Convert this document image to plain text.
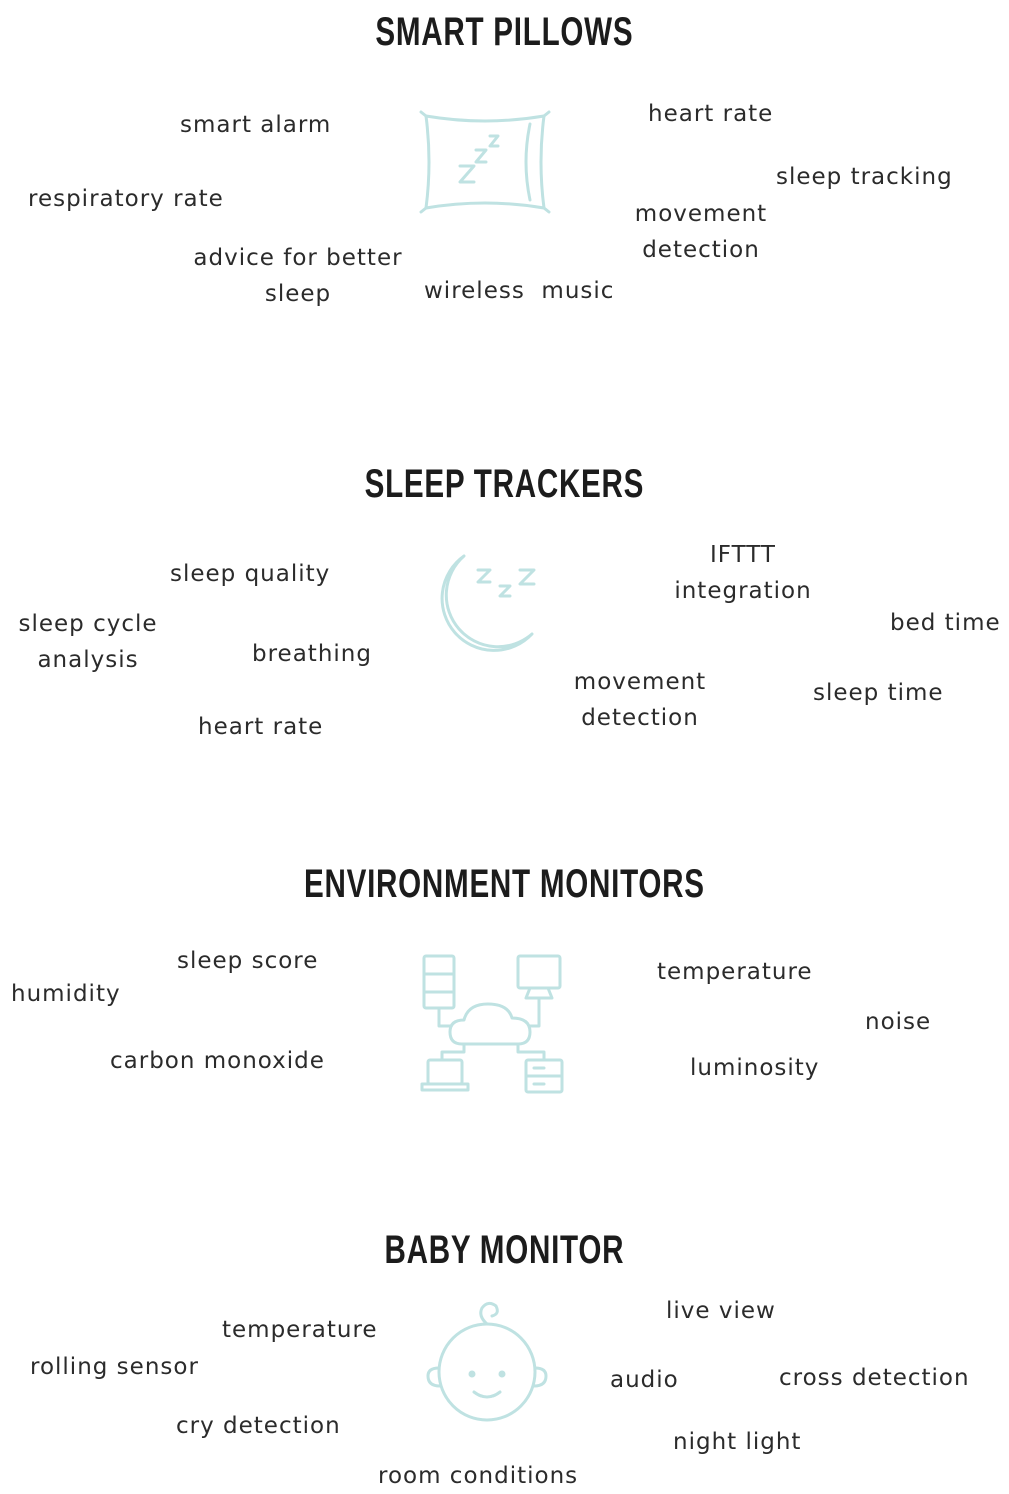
SMART PILLOWS
smart alarm
respiratory rate
advice for better
sleep	wireless  music
heart rate
sleep tracking
movement
detection
SLEEP TRACKERS
sleep quality
sleep cycle
analysis	breathing
heart rate
IFTTT
integration
bed time
movement
detection
sleep time
ENVIRONMENT MONITORS
sleep score
humidity
carbon monoxide
temperature
noise
luminosity
BABY MONITOR
temperature
rolling sensor
cry detection
room conditions
live view
audio	cross detection
night light
